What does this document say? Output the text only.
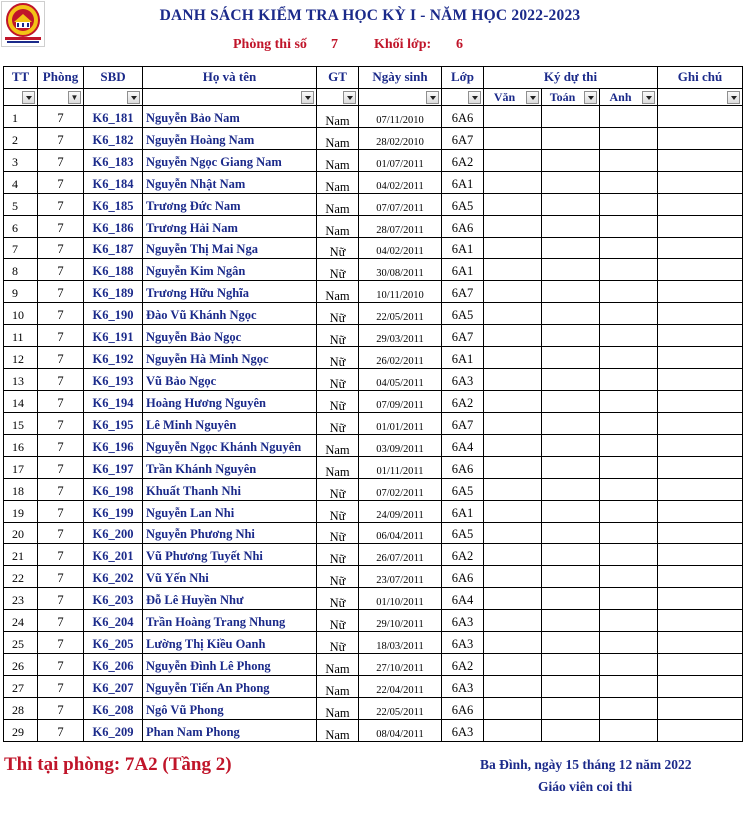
DANH SÁCH KIỂM TRA HỌC KỲ I - NĂM HỌC 2022-2023
Phòng thi số 7	Khối lớp: 6
TT	Phòng	SBD	Họ và tên	GT	Ngày sinh	Lớp	Ký dự thi			Ghi chú

	▼						Văn	Toán	Anh	

1	7	K6_181	Nguyễn Bảo Nam	Nam	07/11/2010	6A6				
2	7	K6_182	Nguyễn Hoàng Nam	Nam	28/02/2010	6A7				
3	7	K6_183	Nguyễn Ngọc Giang Nam	Nam	01/07/2011	6A2				
4	7	K6_184	Nguyễn Nhật Nam	Nam	04/02/2011	6A1				
5	7	K6_185	Trương Đức Nam	Nam	07/07/2011	6A5				
6	7	K6_186	Trương Hải Nam	Nam	28/07/2011	6A6				
7	7	K6_187	Nguyễn Thị Mai Nga	Nữ	04/02/2011	6A1				
8	7	K6_188	Nguyễn Kim Ngân	Nữ	30/08/2011	6A1				
9	7	K6_189	Trương Hữu Nghĩa	Nam	10/11/2010	6A7				
10	7	K6_190	Đào Vũ Khánh Ngọc	Nữ	22/05/2011	6A5				
11	7	K6_191	Nguyễn Bảo Ngọc	Nữ	29/03/2011	6A7				
12	7	K6_192	Nguyễn Hà Minh Ngọc	Nữ	26/02/2011	6A1				
13	7	K6_193	Vũ Bảo Ngọc	Nữ	04/05/2011	6A3				
14	7	K6_194	Hoàng Hương Nguyên	Nữ	07/09/2011	6A2				
15	7	K6_195	Lê Minh Nguyên	Nữ	01/01/2011	6A7				
16	7	K6_196	Nguyễn Ngọc Khánh Nguyên	Nam	03/09/2011	6A4				
17	7	K6_197	Trần Khánh Nguyên	Nam	01/11/2011	6A6				
18	7	K6_198	Khuất Thanh Nhi	Nữ	07/02/2011	6A5				
19	7	K6_199	Nguyễn Lan Nhi	Nữ	24/09/2011	6A1				
20	7	K6_200	Nguyễn Phương Nhi	Nữ	06/04/2011	6A5				
21	7	K6_201	Vũ Phương Tuyết Nhi	Nữ	26/07/2011	6A2				
22	7	K6_202	Vũ Yến Nhi	Nữ	23/07/2011	6A6				
23	7	K6_203	Đỗ Lê Huyền Như	Nữ	01/10/2011	6A4				
24	7	K6_204	Trần Hoàng Trang Nhung	Nữ	29/10/2011	6A3				
25	7	K6_205	Lường Thị Kiều Oanh	Nữ	18/03/2011	6A3				
26	7	K6_206	Nguyễn Đình Lê Phong	Nam	27/10/2011	6A2				
27	7	K6_207	Nguyễn Tiến An Phong	Nam	22/04/2011	6A3				
28	7	K6_208	Ngô Vũ Phong	Nam	22/05/2011	6A6				
29	7	K6_209	Phan Nam Phong	Nam	08/04/2011	6A3				
Thi tại phòng: 7A2 (Tầng 2)	Ba Đình, ngày 15 tháng 12 năm 2022
Giáo viên coi thi
